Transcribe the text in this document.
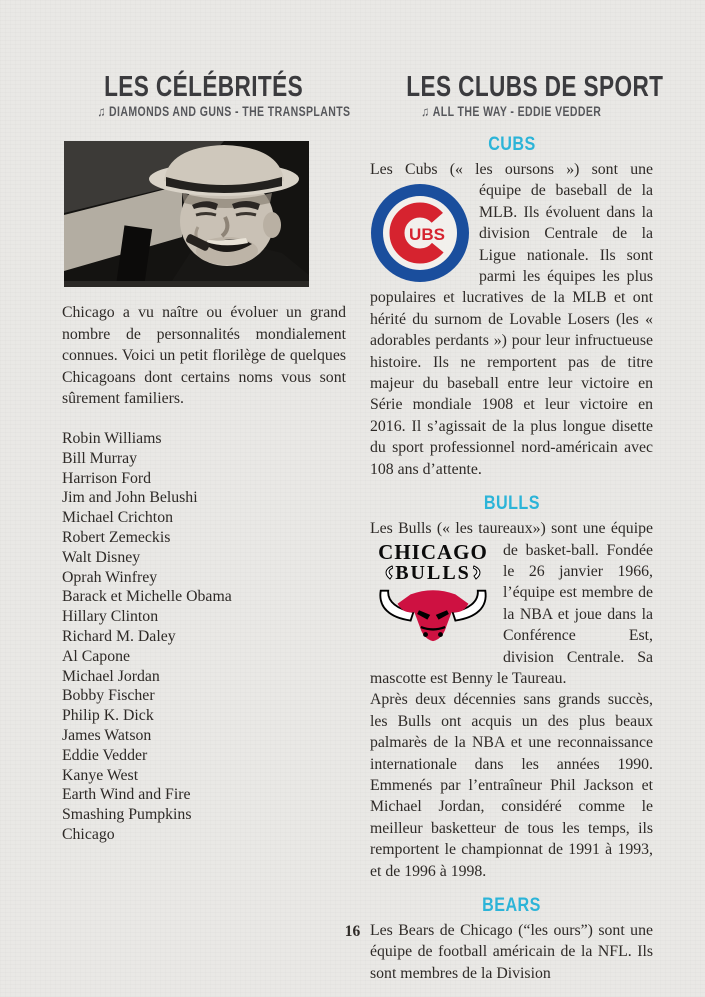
LES CÉLÉBRITÉS
♫ DIAMONDS AND GUNS - THE TRANSPLANTS

Chicago a vu naître ou évoluer un grand nombre de personnalités mondialement connues. Voici un petit florilège de quelques Chicagoans dont certains noms vous sont sûrement familiers.

Robin Williams
Bill Murray
Harrison Ford
Jim and John Belushi
Michael Crichton
Robert Zemeckis
Walt Disney
Oprah Winfrey
Barack et Michelle Obama
Hillary Clinton
Richard M. Daley
Al Capone
Michael Jordan
Bobby Fischer
Philip K. Dick
James Watson
Eddie Vedder
Kanye West
Earth Wind and Fire
Smashing Pumpkins
Chicago
LES CLUBS DE SPORT
♫ ALL THE WAY - EDDIE VEDDER
CUBS
Les Cubs (« les oursons ») sont une
UBS
équipe de baseball de la MLB. Ils évoluent dans la division Centrale de la Ligue nationale. Ils sont parmi les équipes les plus populaires et lucratives de la MLB et ont hérité du surnom de Lovable Losers (les « adorables perdants ») pour leur infructueuse histoire. Ils ne remportent pas de titre majeur du baseball entre leur victoire en Série mondiale 1908 et leur victoire en 2016. Il s’agissait de la plus longue disette du sport professionnel nord-américain avec 108 ans d’attente.
BULLS
Les Bulls (« les taureaux») sont une équipe
CHICAGO
BULLS
de basket-ball. Fondée le 26 janvier 1966, l’équipe est membre de la NBA et joue dans la Conférence Est, division Centrale. Sa mascotte est Benny le Taureau.
Après deux décennies sans grands succès, les Bulls ont acquis un des plus beaux palmarès de la NBA et une reconnaissance internationale dans les années 1990. Emmenés par l’entraîneur Phil Jackson et Michael Jordan, considéré comme le meilleur basketteur de tous les temps, ils remportent le championnat de 1991 à 1993, et de 1996 à 1998.
BEARS
Les Bears de Chicago (“les ours”) sont une équipe de football américain de la NFL. Ils sont membres de la Division
16
